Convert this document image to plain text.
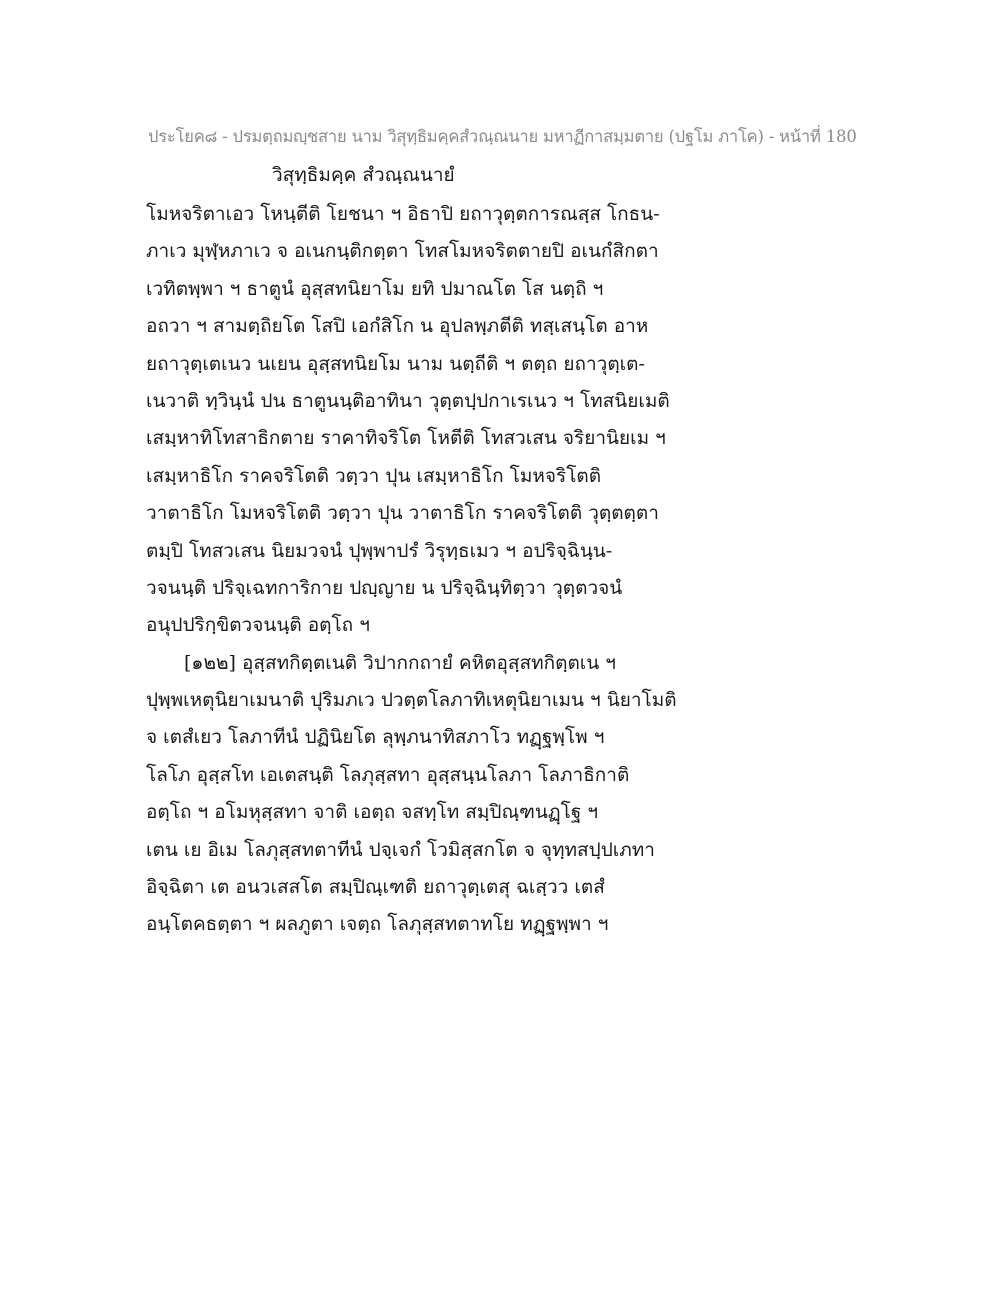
ประโยค๘ - ปรมตฺถมญฺชสาย นาม วิสุทฺธิมคฺคสํวณฺณนาย มหาฏีกาสมฺมตาย (ปฐโม ภาโค) - หน้าที่ 180
วิสุทฺธิมคฺค สํวณฺณนายํ
โมหจริตาเอว โหนฺตีติ โยชนา ฯ อิธาปิ ยถาวุตฺตการณสฺส โกธน-
ภาเว มุฬฺหภาเว จ อเนกนฺติกตฺตา โทสโมหจริตตายปิ อเนกํสิกตา
เวทิตพฺพา ฯ ธาตูนํ อุสฺสทนิยาโม ยทิ ปมาณโต โส นตฺถิ ฯ
อถวา ฯ สามตฺถิยโต โสปิ เอกํสิโก น อุปลพฺภตีติ ทสฺเสนฺโต อาห
ยถาวุตฺเตเนว นเยน อุสฺสทนิยโม นาม นตฺถีติ ฯ ตตฺถ ยถาวุตฺเต-
เนวาติ ทฺวินฺนํ ปน ธาตูนนฺติอาทินา วุตฺตปฺปกาเรเนว ฯ โทสนิยเมติ
เสมฺหาทิโทสาธิกตาย ราคาทิจริโต โหตีติ โทสวเสน จริยานิยเม ฯ
เสมฺหาธิโก ราคจริโตติ วตฺวา ปุน เสมฺหาธิโก โมหจริโตติ
วาตาธิโก โมหจริโตติ วตฺวา ปุน วาตาธิโก ราคจริโตติ วุตฺตตฺตา
ตมฺปิ โทสวเสน นิยมวจนํ ปุพฺพาปรํ วิรุทฺธเมว ฯ อปริจฺฉินฺน-
วจนนฺติ ปริจฺเฉทการิกาย ปญฺญาย น ปริจฺฉินฺทิตฺวา วุตฺตวจนํ
อนุปปริกฺขิตวจนนฺติ อตฺโถ ฯ
[๑๒๒] อุสฺสทกิตฺตเนติ วิปากกถายํ คหิตอุสฺสทกิตฺตเน ฯ
ปุพฺพเหตุนิยาเมนาติ ปุริมภเว ปวตฺตโลภาทิเหตุนิยาเมน ฯ นิยาโมติ
จ เตสํเยว โลภาทีนํ ปฏินิยโต ลุพฺภนาทิสภาโว ทฏฺฐพฺโพ ฯ
โลโภ อุสฺสโท เอเตสนฺติ โลภุสฺสทา อุสฺสนฺนโลภา โลภาธิกาติ
อตฺโถ ฯ อโมหุสฺสทา จาติ เอตฺถ จสทฺโท สมฺปิณฺฑนฏฺโฐ ฯ
เตน เย อิเม โลภุสฺสทตาทีนํ ปจฺเจกํ โวมิสฺสกโต จ จุทฺทสปฺปเภทา
อิจฺฉิตา เต อนวเสสโต สมฺปิณฺเฑติ ยถาวุตฺเตสุ ฉเสฺวว เตสํ
อนฺโตคธตฺตา ฯ ผลภูตา เจตฺถ โลภุสฺสทตาทโย ทฏฺฐพฺพา ฯ
